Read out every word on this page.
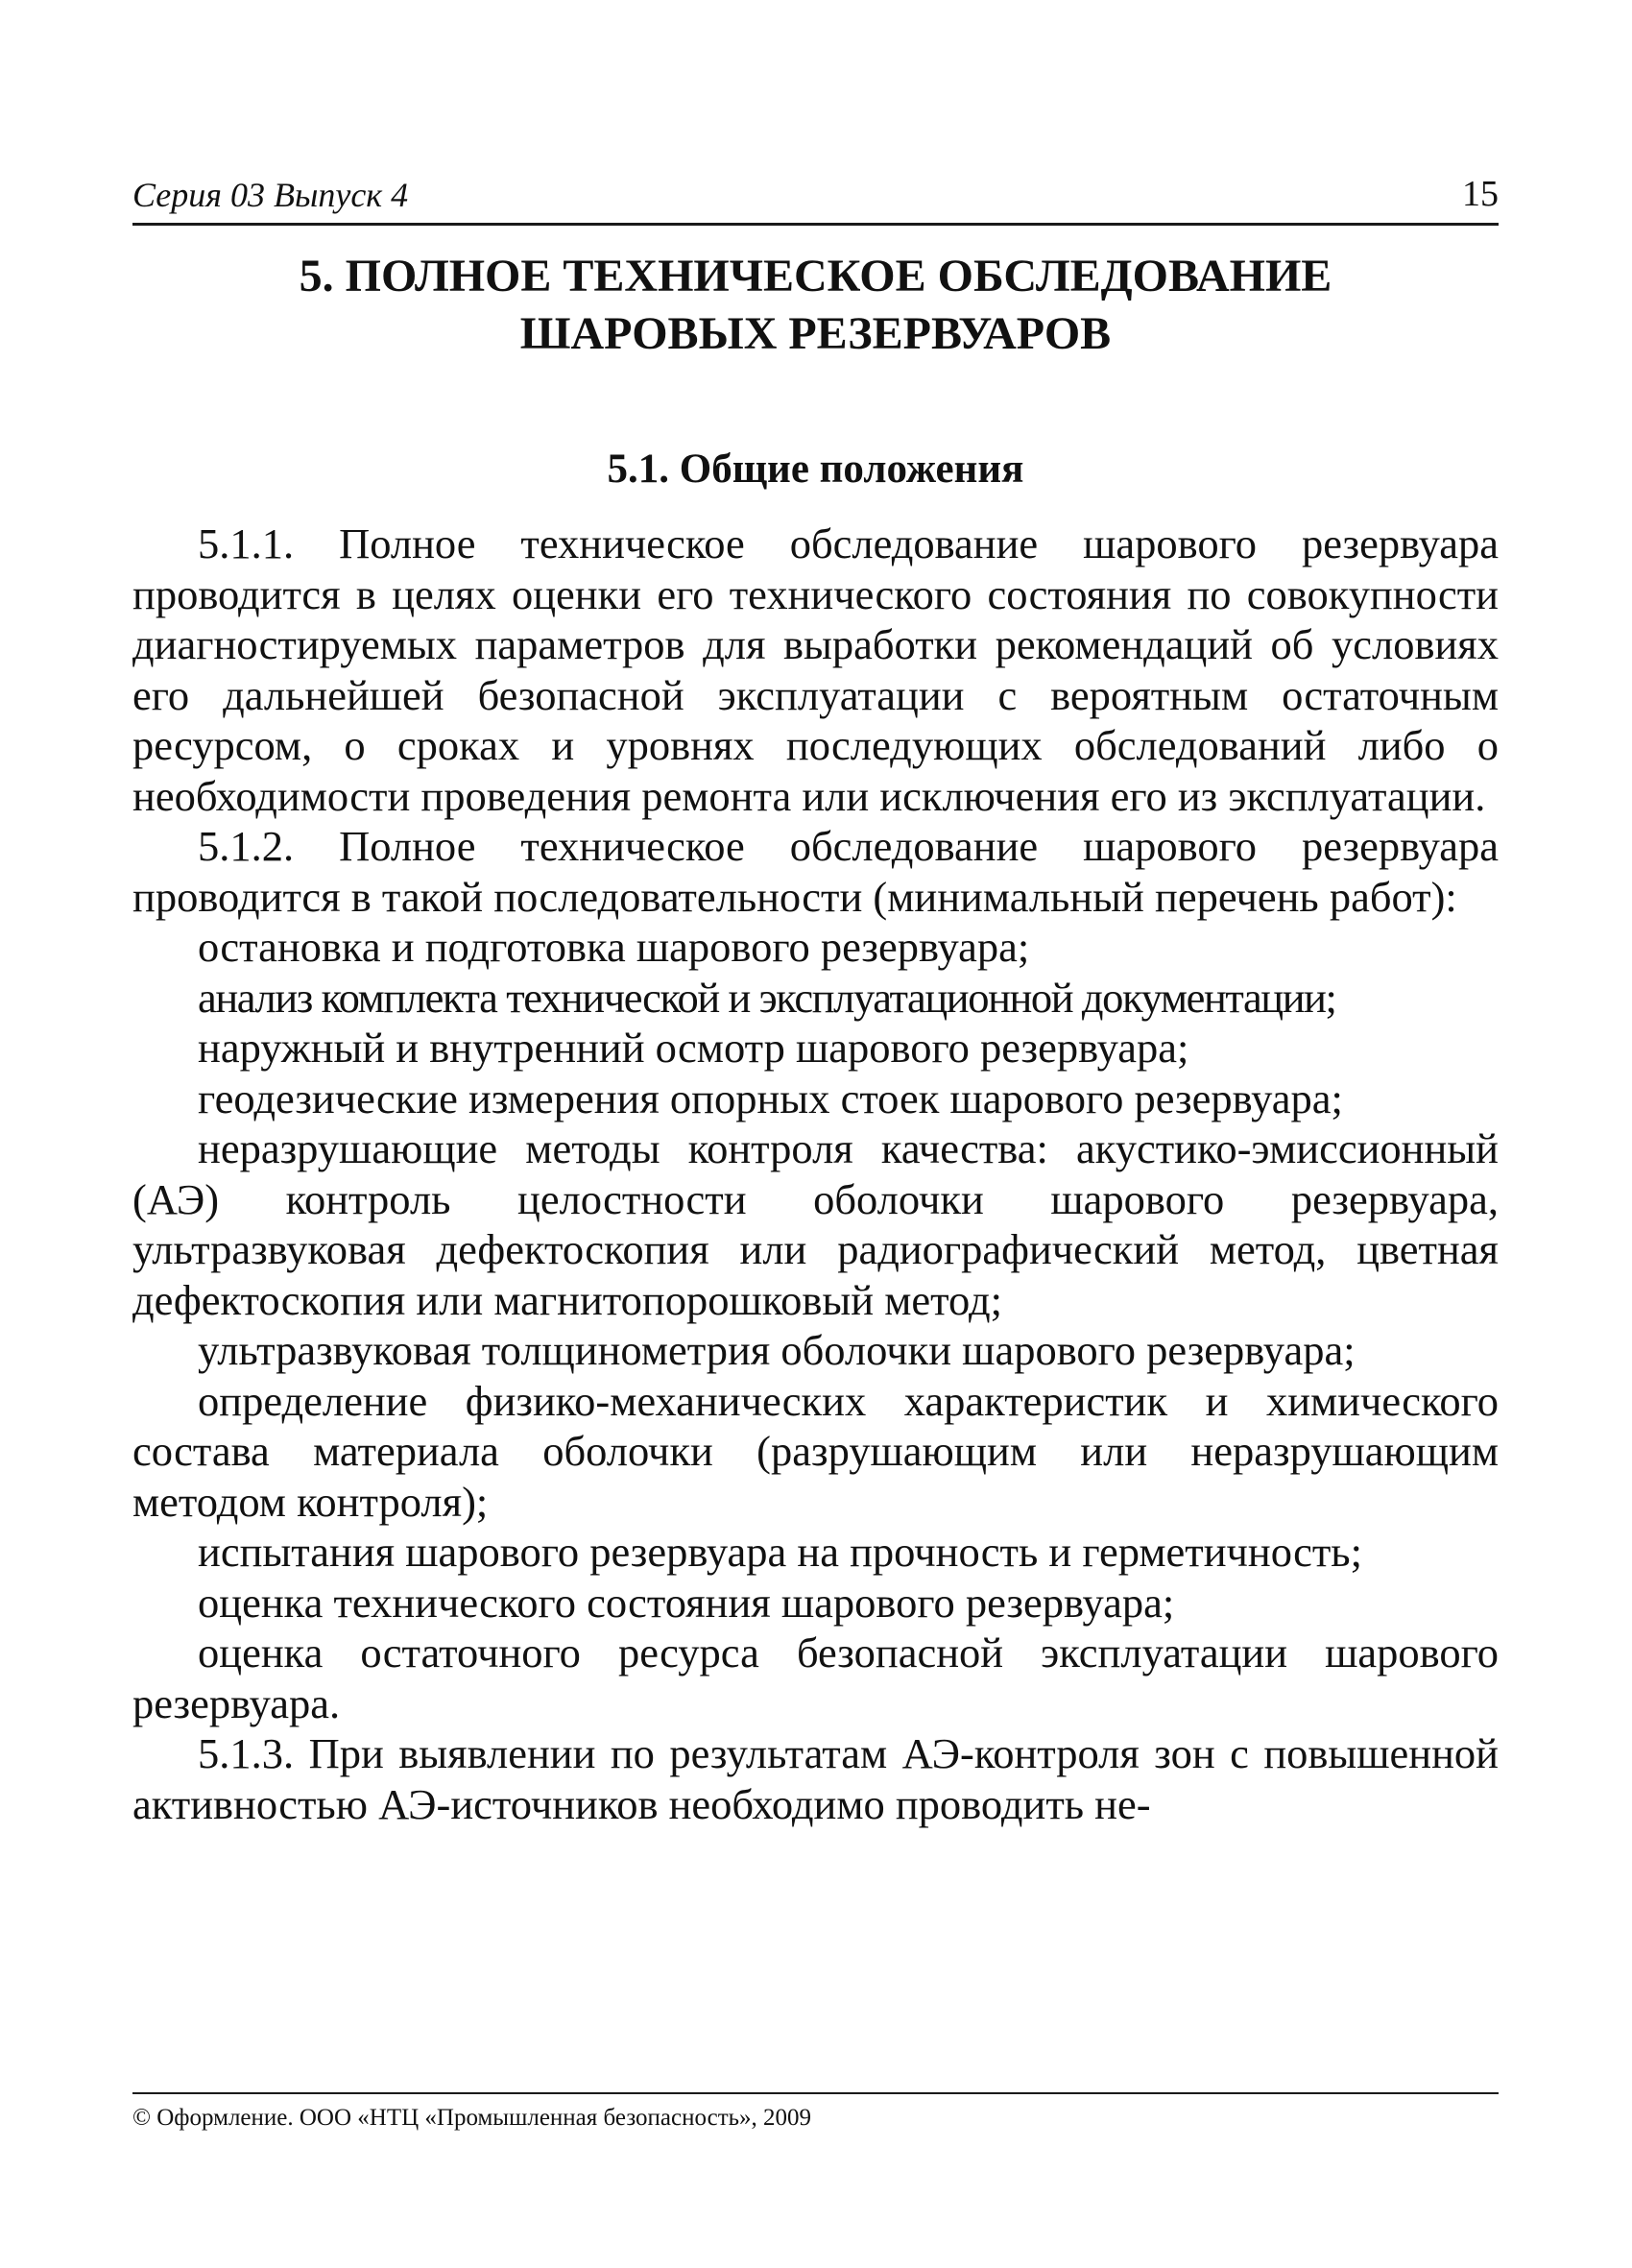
Серия 03 Выпуск 4	15
5. ПОЛНОЕ ТЕХНИЧЕСКОЕ ОБСЛЕДОВАНИЕ
ШАРОВЫХ РЕЗЕРВУАРОВ
5.1. Общие положения

5.1.1. Полное техническое обследование шарового резервуара проводится в целях оценки его технического состояния по совокупности диагностируемых параметров для выработки рекомендаций об условиях его дальнейшей безопасной эксплуатации с вероятным остаточным ресурсом, о сроках и уровнях последующих обследований либо о необходимости проведения ремонта или исключения его из эксплуатации.

5.1.2. Полное техническое обследование шарового резервуара проводится в такой последовательности (минимальный перечень работ):

остановка и подготовка шарового резервуара;
анализ комплекта технической и эксплуатационной документации;
наружный и внутренний осмотр шарового резервуара;
геодезические измерения опорных стоек шарового резервуара;
неразрушающие методы контроля качества: акустико-эмиссионный (АЭ) контроль целостности оболочки шарового резервуара, ультразвуковая дефектоскопия или радиографический метод, цветная дефектоскопия или магнитопорошковый метод;
ультразвуковая толщинометрия оболочки шарового резервуара;
определение физико-механических характеристик и химического состава материала оболочки (разрушающим или неразрушающим методом контроля);
испытания шарового резервуара на прочность и герметичность;
оценка технического состояния шарового резервуара;
оценка остаточного ресурса безопасной эксплуатации шарового резервуара.

5.1.3. При выявлении по результатам АЭ-контроля зон с повышенной активностью АЭ-источников необходимо проводить не-

© Оформление. ООО «НТЦ «Промышленная безопасность», 2009
